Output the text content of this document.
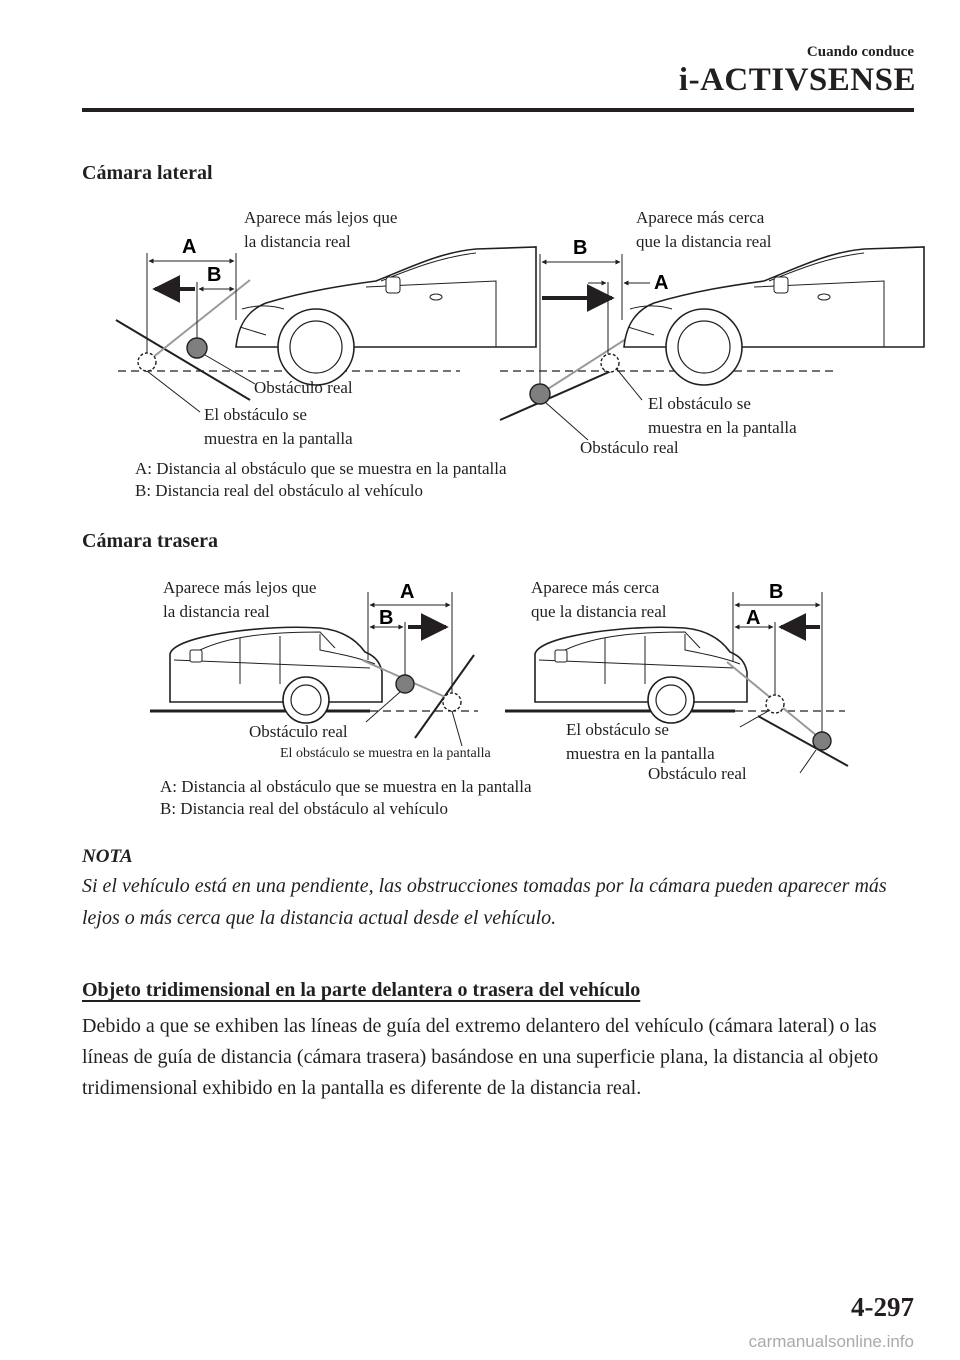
Cuando conduce
i-ACTIVSENSE
Cámara lateral
A
B
B
A
A
B
B
A
Aparece más lejos que
la distancia real
Obstáculo real
El obstáculo se
muestra en la pantalla
Aparece más cerca
que la distancia real
El obstáculo se
muestra en la pantalla
Obstáculo real
A: Distancia al obstáculo que se muestra en la pantalla
B: Distancia real del obstáculo al vehículo
Cámara trasera
Aparece más lejos que
la distancia real
Obstáculo real
El obstáculo se muestra en la pantalla
Aparece más cerca
que la distancia real
El obstáculo se
muestra en la pantalla
Obstáculo real
A: Distancia al obstáculo que se muestra en la pantalla
B: Distancia real del obstáculo al vehículo
NOTA
Si el vehículo está en una pendiente, las obstrucciones tomadas por la cámara pueden aparecer más lejos o más cerca que la distancia actual desde el vehículo.
Objeto tridimensional en la parte delantera o trasera del vehículo
Debido a que se exhiben las líneas de guía del extremo delantero del vehículo (cámara lateral) o las líneas de guía de distancia (cámara trasera) basándose en una superficie plana, la distancia al objeto tridimensional exhibido en la pantalla es diferente de la distancia real.
4-297
carmanualsonline.info
